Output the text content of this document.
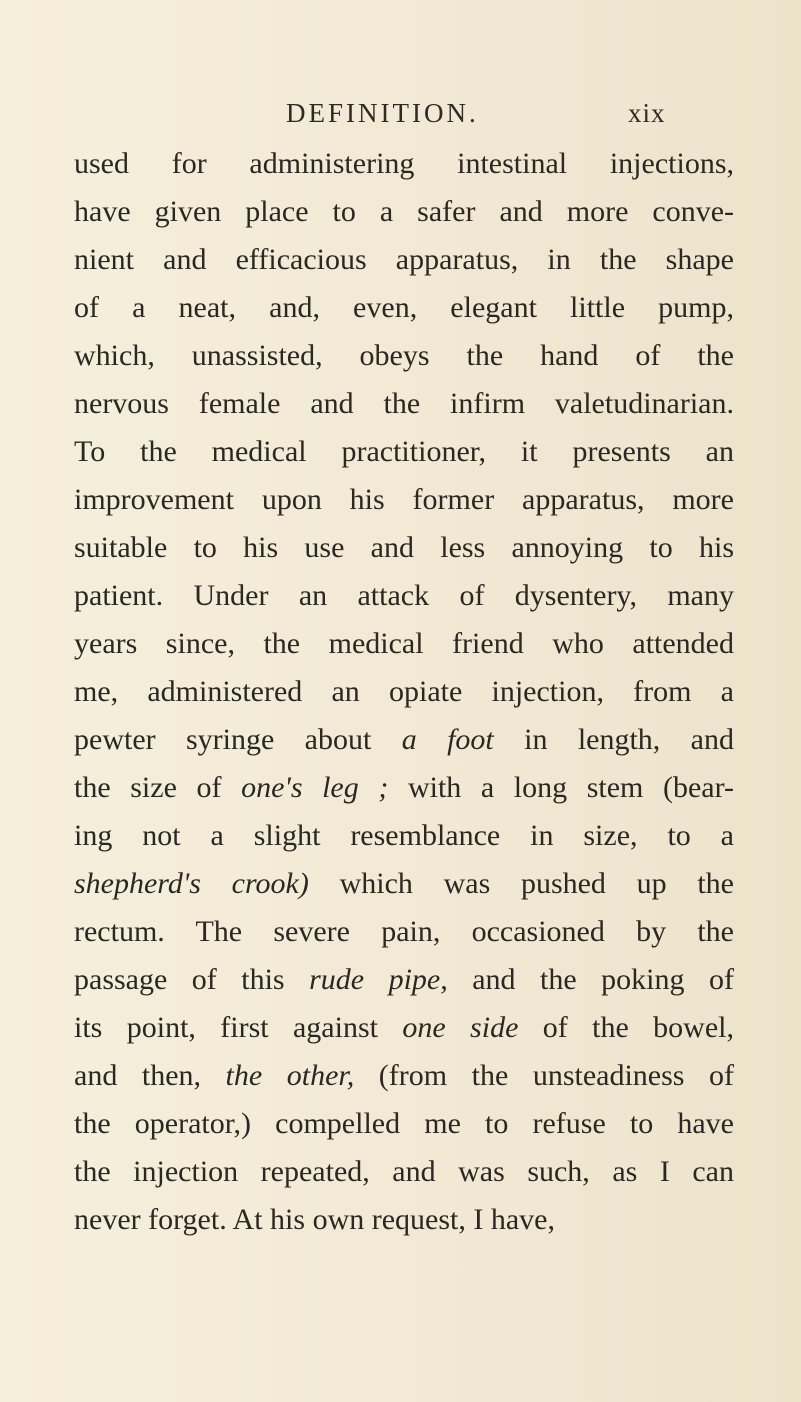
DEFINITION.	xix
used for administering intestinal injections,
have given place to a safer and more conve-
nient and efficacious apparatus, in the shape
of a neat, and, even, elegant little pump,
which, unassisted, obeys the hand of the
nervous female and the infirm valetudinarian.
To the medical practitioner, it presents an
improvement upon his former apparatus, more
suitable to his use and less annoying to his
patient. Under an attack of dysentery, many
years since, the medical friend who attended
me, administered an opiate injection, from a
pewter syringe about a foot in length, and
the size of one's leg ; with a long stem (bear-
ing not a slight resemblance in size, to a
shepherd's crook) which was pushed up the
rectum. The severe pain, occasioned by the
passage of this rude pipe, and the poking of
its point, first against one side of the bowel,
and then, the other, (from the unsteadiness of
the operator,) compelled me to refuse to have
the injection repeated, and was such, as I can
never forget. At his own request, I have,
